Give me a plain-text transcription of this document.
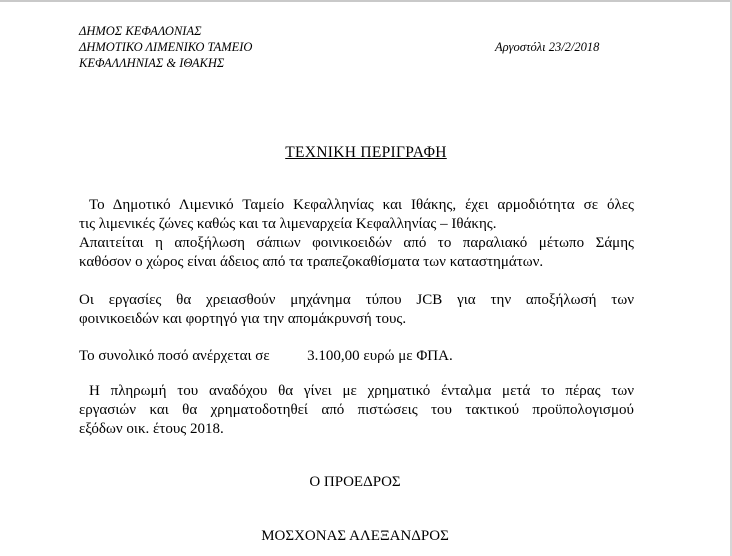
ΔΗΜΟΣ ΚΕΦΑΛΟΝΙΑΣ
ΔΗΜΟΤΙΚΟ ΛΙΜΕΝΙΚΟ ΤΑΜΕΙΟ
ΚΕΦΑΛΛΗΝΙΑΣ & ΙΘΑΚΗΣ
Αργοστόλι 23/2/2018
ΤΕΧΝΙΚΗ ΠΕΡΙΓΡΑΦΗ
Το Δημοτικό Λιμενικό Ταμείο Κεφαλληνίας και Ιθάκης, έχει αρμοδιότητα σε όλες
τις λιμενικές ζώνες καθώς και τα λιμεναρχεία Κεφαλληνίας – Ιθάκης.
Απαιτείται η αποξήλωση σάπιων φοινικοειδών από το παραλιακό μέτωπο Σάμης
καθόσον ο χώρος είναι άδειος από τα τραπεζοκαθίσματα των καταστημάτων.
Οι εργασίες θα χρειασθούν μηχάνημα τύπου JCB για την αποξήλωσή των
φοινικοειδών και φορτηγό για την απομάκρυνσή τους.
Το συνολικό ποσό ανέρχεται σε	3.100,00 ευρώ με ΦΠΑ.
Η πληρωμή του αναδόχου θα γίνει με χρηματικό ένταλμα μετά το πέρας των
εργασιών και θα χρηματοδοτηθεί από πιστώσεις του τακτικού προϋπολογισμού
εξόδων οικ. έτους 2018.
Ο ΠΡΟΕΔΡΟΣ
ΜΟΣΧΟΝΑΣ ΑΛΕΞΑΝΔΡΟΣ
